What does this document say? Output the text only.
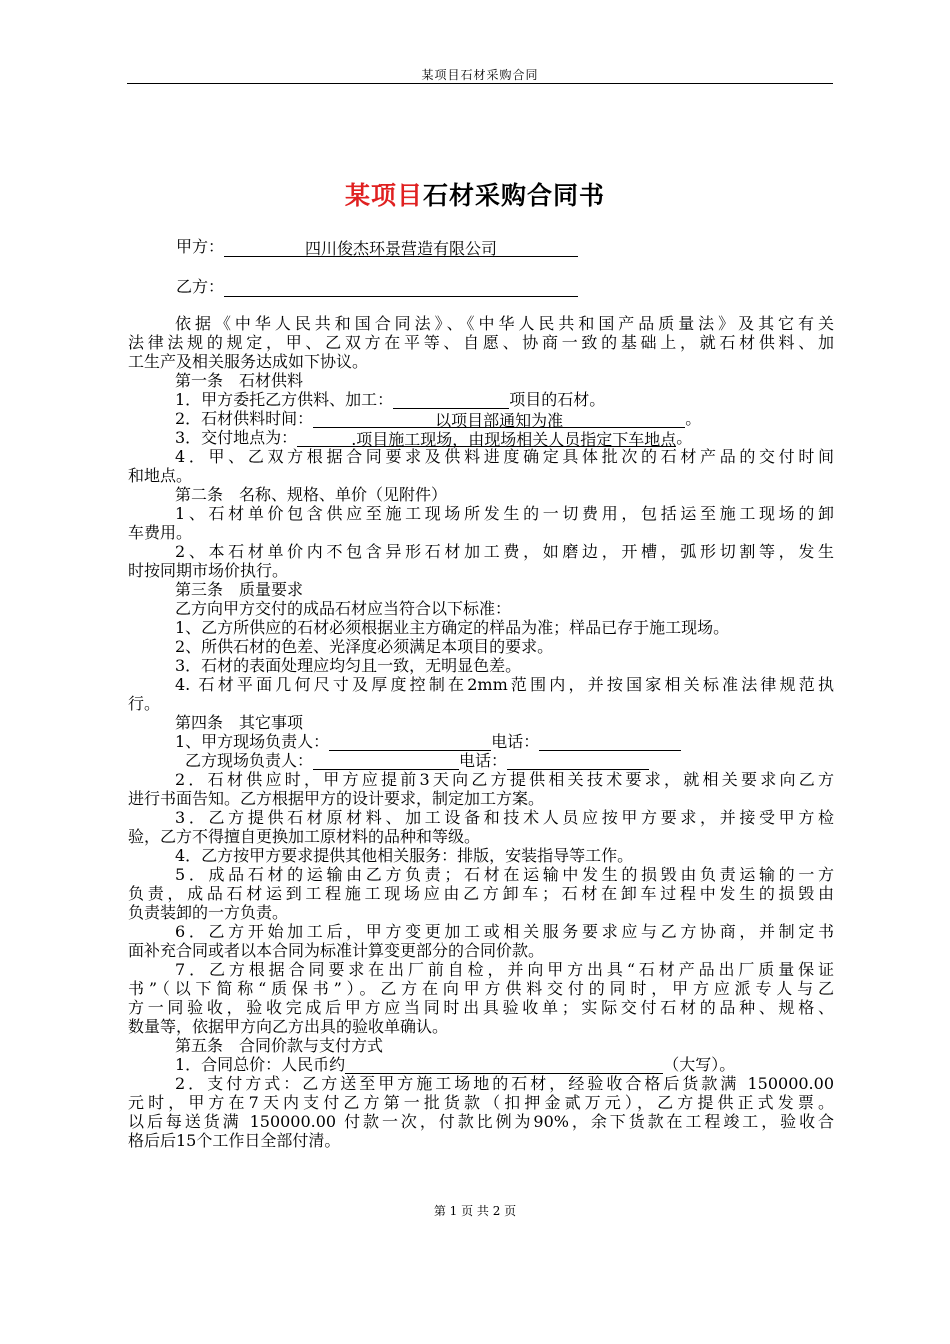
某项目石材采购合同
某项目石材采购合同书
甲方：	四川俊杰环景营造有限公司
乙方：
依据《中华人民共和国合同法》、《中华人民共和国产品质量法》及其它有关
法律法规的规定，甲、乙双方在平等、自愿、协商一致的基础上，就石材供料、加
工生产及相关服务达成如下协议。
第一条　石材供料
1．甲方委托乙方供料、加工：	项目的石材。
2．石材供料时间：	以项目部通知为准	。
3．交付地点为：	.项目施工现场，由现场相关人员指定下车地点。
4．甲、乙双方根据合同要求及供料进度确定具体批次的石材产品的交付时间
和地点。
第二条　名称、规格、单价（见附件）
1、石材单价包含供应至施工现场所发生的一切费用，包括运至施工现场的卸
车费用。
2、本石材单价内不包含异形石材加工费，如磨边，开槽，弧形切割等，发生
时按同期市场价执行。
第三条　质量要求
乙方向甲方交付的成品石材应当符合以下标准：
1、乙方所供应的石材必须根据业主方确定的样品为准；样品已存于施工现场。
2、所供石材的色差、光泽度必须满足本项目的要求。
3．石材的表面处理应均匀且一致，无明显色差。
4. 石材平面几何尺寸及厚度控制在2mm范围内，并按国家相关标准法律规范执
行。
第四条　其它事项
1、甲方现场负责人：	电话：
乙方现场负责人：	电话：
2．石材供应时，甲方应提前3天向乙方提供相关技术要求，就相关要求向乙方
进行书面告知。乙方根据甲方的设计要求，制定加工方案。
3．乙方提供石材原材料、加工设备和技术人员应按甲方要求，并接受甲方检
验，乙方不得擅自更换加工原材料的品种和等级。
4．乙方按甲方要求提供其他相关服务：排版，安装指导等工作。
5．成品石材的运输由乙方负责；石材在运输中发生的损毁由负责运输的一方
负责，成品石材运到工程施工现场应由乙方卸车；石材在卸车过程中发生的损毁由
负责装卸的一方负责。
6．乙方开始加工后，甲方变更加工或相关服务要求应与乙方协商，并制定书
面补充合同或者以本合同为标准计算变更部分的合同价款。
7．乙方根据合同要求在出厂前自检，并向甲方出具“石材产品出厂质量保证
书”（以下简称“质保书”）。乙方在向甲方供料交付的同时，甲方应派专人与乙
方一同验收，验收完成后甲方应当同时出具验收单；实际交付石材的品种、规格、
数量等，依据甲方向乙方出具的验收单确认。
第五条　合同价款与支付方式
1．合同总价：人民币约	（大写）。
2．支付方式：乙方送至甲方施工场地的石材，经验收合格后货款满 150000.00
元时，甲方在7天内支付乙方第一批货款（扣押金贰万元），乙方提供正式发票。
以后每送货满 150000.00 付款一次，付款比例为90%，余下货款在工程竣工，验收合
格后后15个工作日全部付清。
第 1 页 共 2 页
